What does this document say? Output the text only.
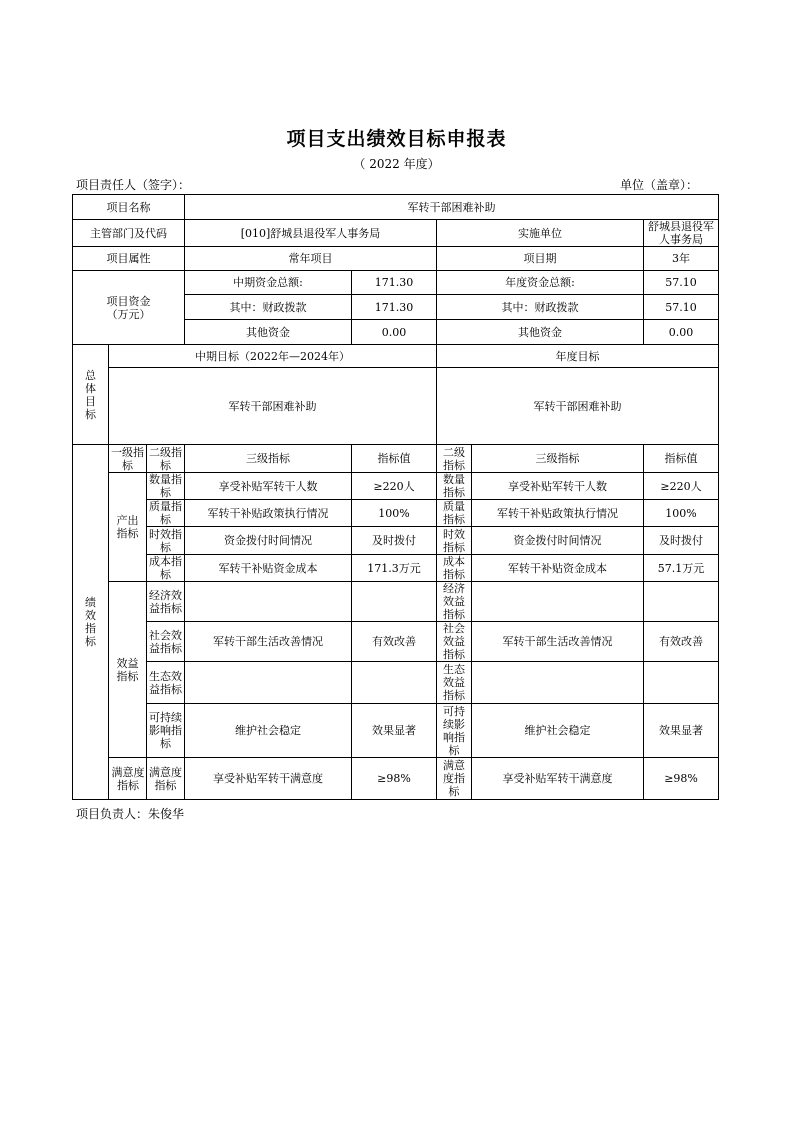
项目支出绩效目标申报表
（ 2022 年度）
项目责任人（签字）：	单位（盖章）：
项目名称			军转干部困难补助				
主管部门及代码			[010]舒城县退役军人事务局		实施单位		舒城县退役军人事务局
项目属性			常年项目		项目期		3年

项目资金
（万元）			中期资金总额:	171.30	年度资金总额:		57.10
			其中：财政拨款	171.30	其中：财政拨款		57.10
			其他资金	0.00	其他资金		0.00

总体目标	中期目标（2022年—2024年）				年度目标		
	军转干部困难补助				军转干部困难补助		

绩效指标	一级指标	二级指标	三级指标	指标值	二级指标	三级指标	指标值

	产出指标	数量指标	享受补贴军转干人数	≥220人	数量指标	享受补贴军转干人数	≥220人
		质量指标	军转干补贴政策执行情况	100%	质量指标	军转干补贴政策执行情况	100%
		时效指标	资金拨付时间情况	及时拨付	时效指标	资金拨付时间情况	及时拨付
		成本指标	军转干补贴资金成本	171.3万元	成本指标	军转干补贴资金成本	57.1万元

	效益指标	经济效益指标			经济效益指标		
		社会效益指标	军转干部生活改善情况	有效改善	社会效益指标	军转干部生活改善情况	有效改善
		生态效益指标			生态效益指标		
		可持续影响指标	维护社会稳定	效果显著	可持续影响指标	维护社会稳定	效果显著

	满意度指标	满意度指标	享受补贴军转干满意度	≥98%	满意度指标	享受补贴军转干满意度	≥98%
项目负责人：朱俊华
